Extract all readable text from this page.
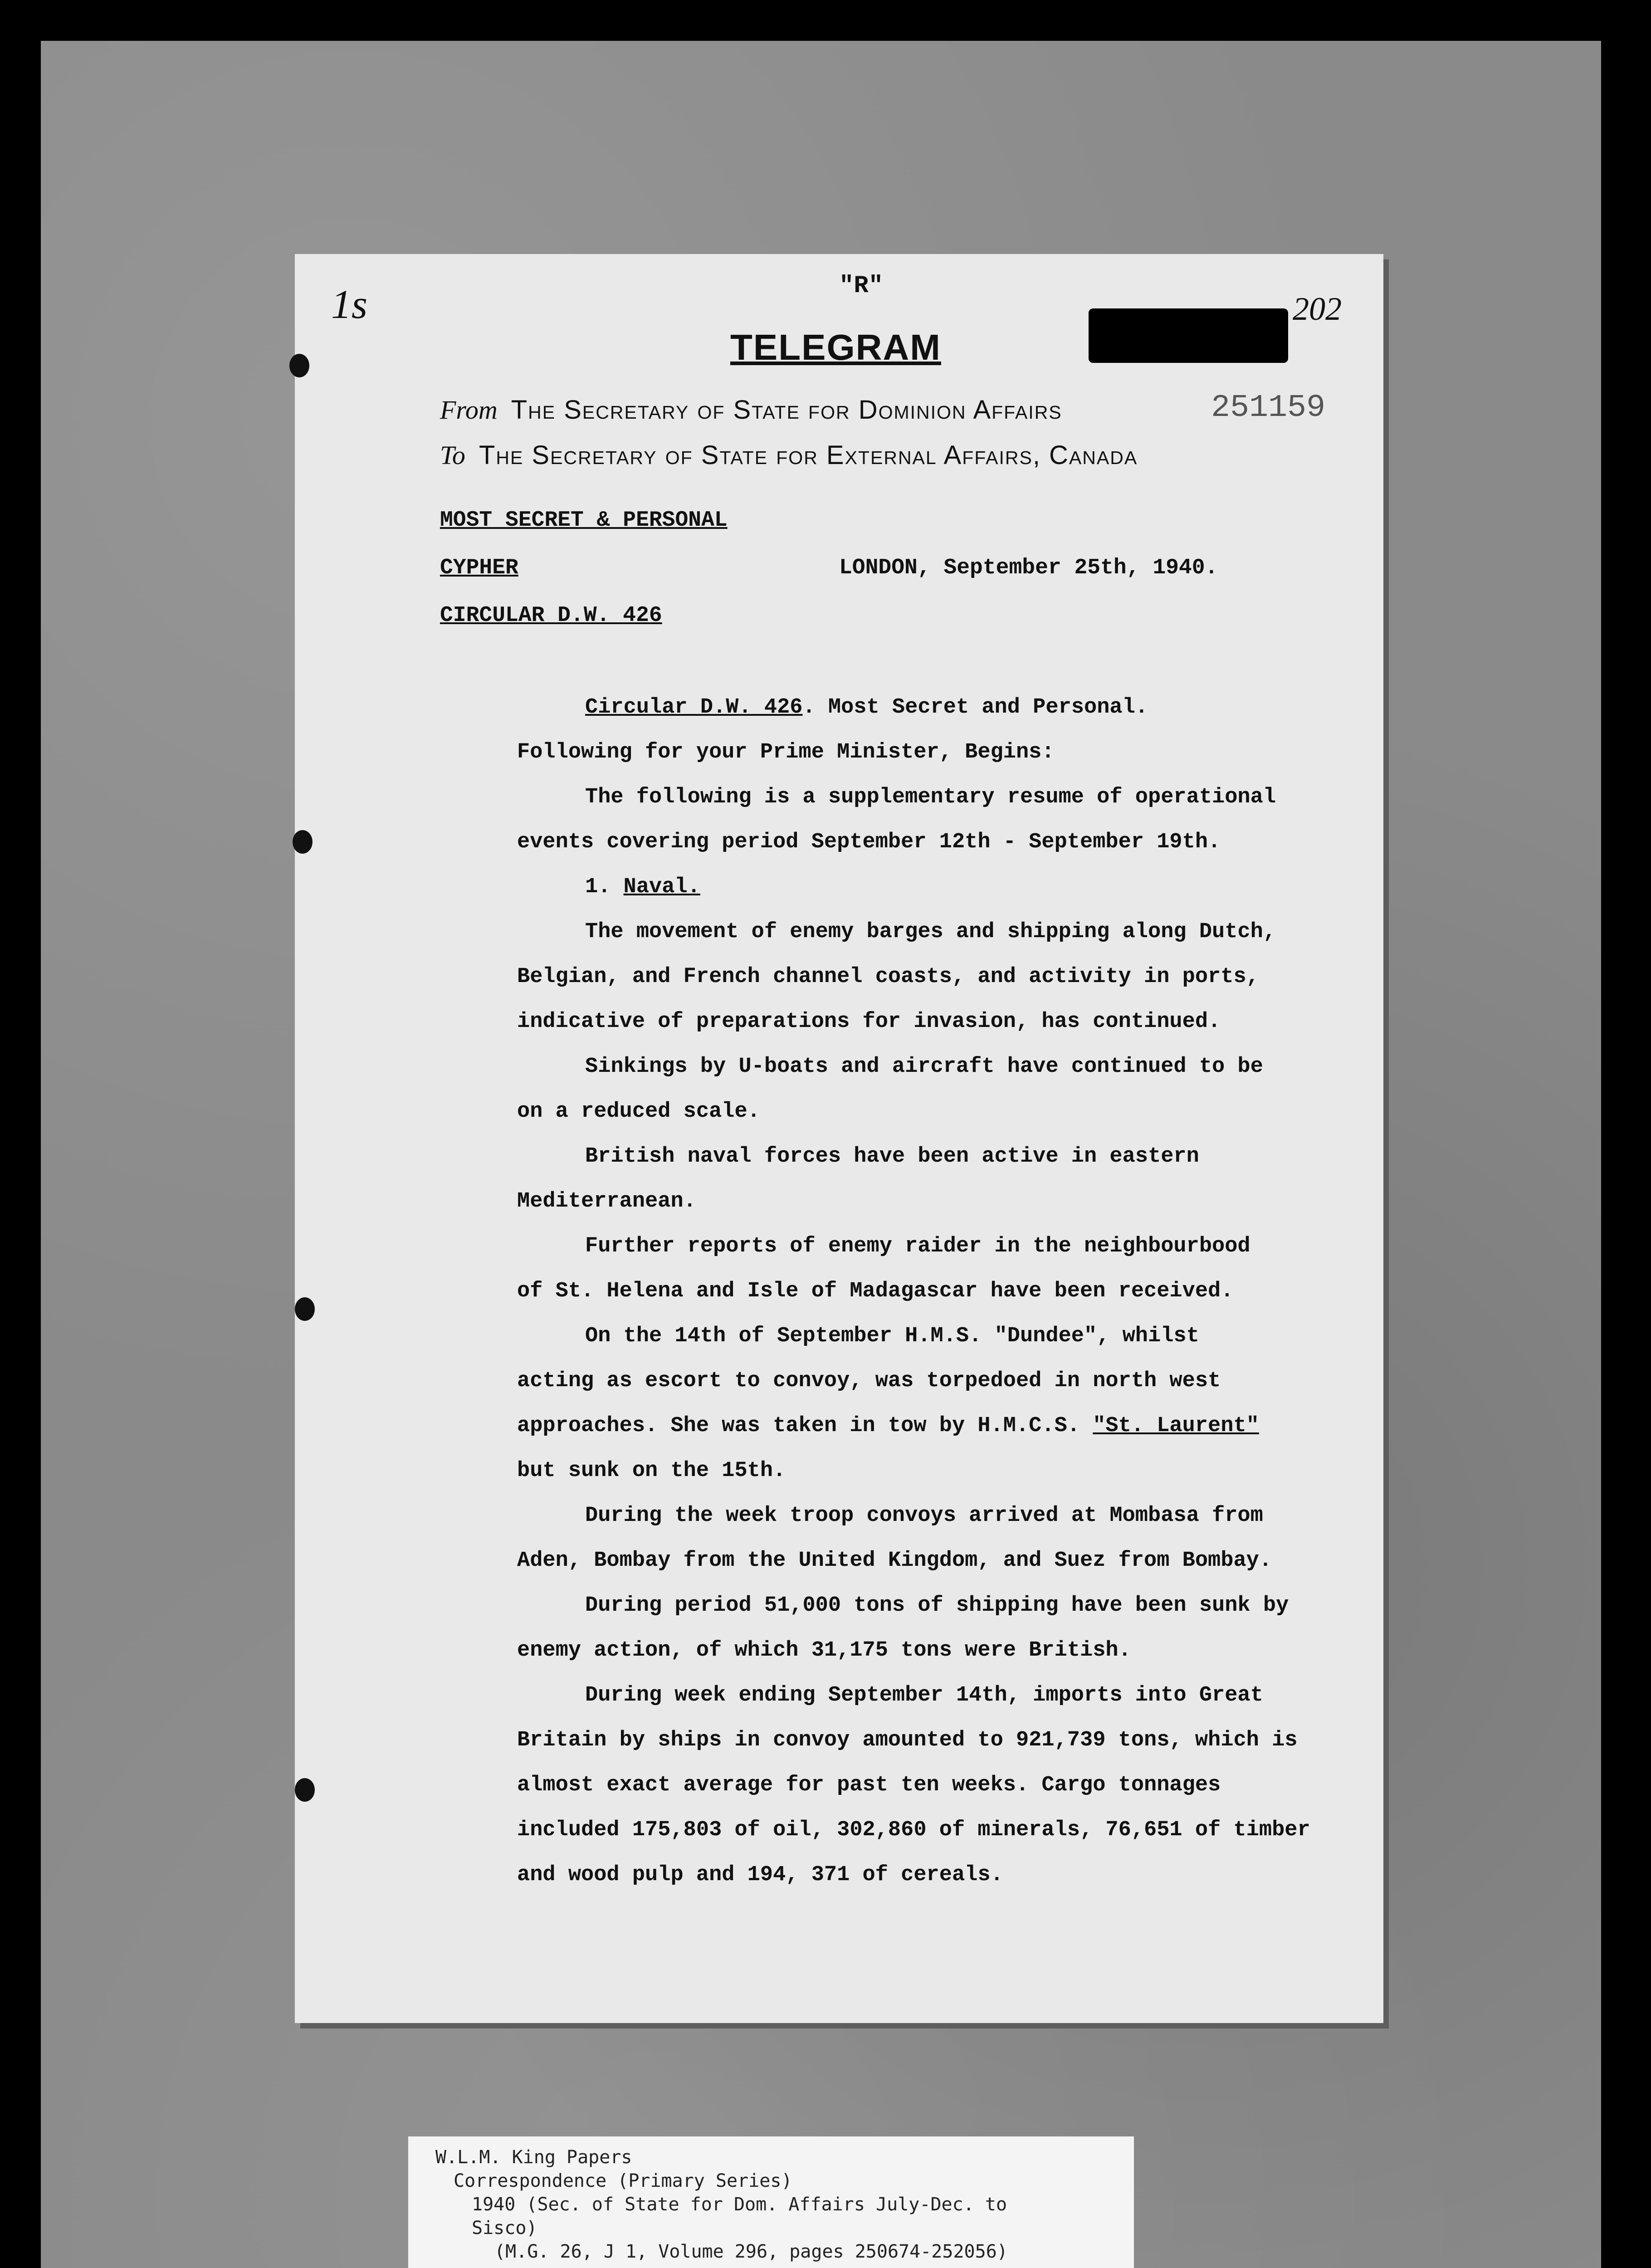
"R"
1s	202
TELEGRAM
From The Secretary of State for Dominion Affairs	251159
To The Secretary of State for External Affairs, Canada
MOST SECRET & PERSONAL
CYPHER
CIRCULAR D.W. 426
LONDON, September 25th, 1940.

Circular D.W. 426. Most Secret and Personal.

Following for your Prime Minister, Begins:

The following is a supplementary resume of operational

events covering period September 12th - September 19th.

1. Naval.

The movement of enemy barges and shipping along Dutch,

Belgian, and French channel coasts, and activity in ports,

indicative of preparations for invasion, has continued.

Sinkings by U-boats and aircraft have continued to be

on a reduced scale.

British naval forces have been active in eastern

Mediterranean.

Further reports of enemy raider in the neighbourbood

of St. Helena and Isle of Madagascar have been received.

On the 14th of September H.M.S. "Dundee", whilst

acting as escort to convoy, was torpedoed in north west

approaches. She was taken in tow by H.M.C.S. "St. Laurent"

but sunk on the 15th.

During the week troop convoys arrived at Mombasa from

Aden, Bombay from the United Kingdom, and Suez from Bombay.

During period 51,000 tons of shipping have been sunk by

enemy action, of which 31,175 tons were British.

During week ending September 14th, imports into Great

Britain by ships in convoy amounted to 921,739 tons, which is

almost exact average for past ten weeks. Cargo tonnages

included 175,803 of oil, 302,860 of minerals, 76,651 of timber

and wood pulp and 194, 371 of cereals.

W.L.M. King Papers
Correspondence (Primary Series)
1940 (Sec. of State for Dom. Affairs July-Dec. to
Sisco)
(M.G. 26, J 1, Volume 296, pages 250674-252056)
